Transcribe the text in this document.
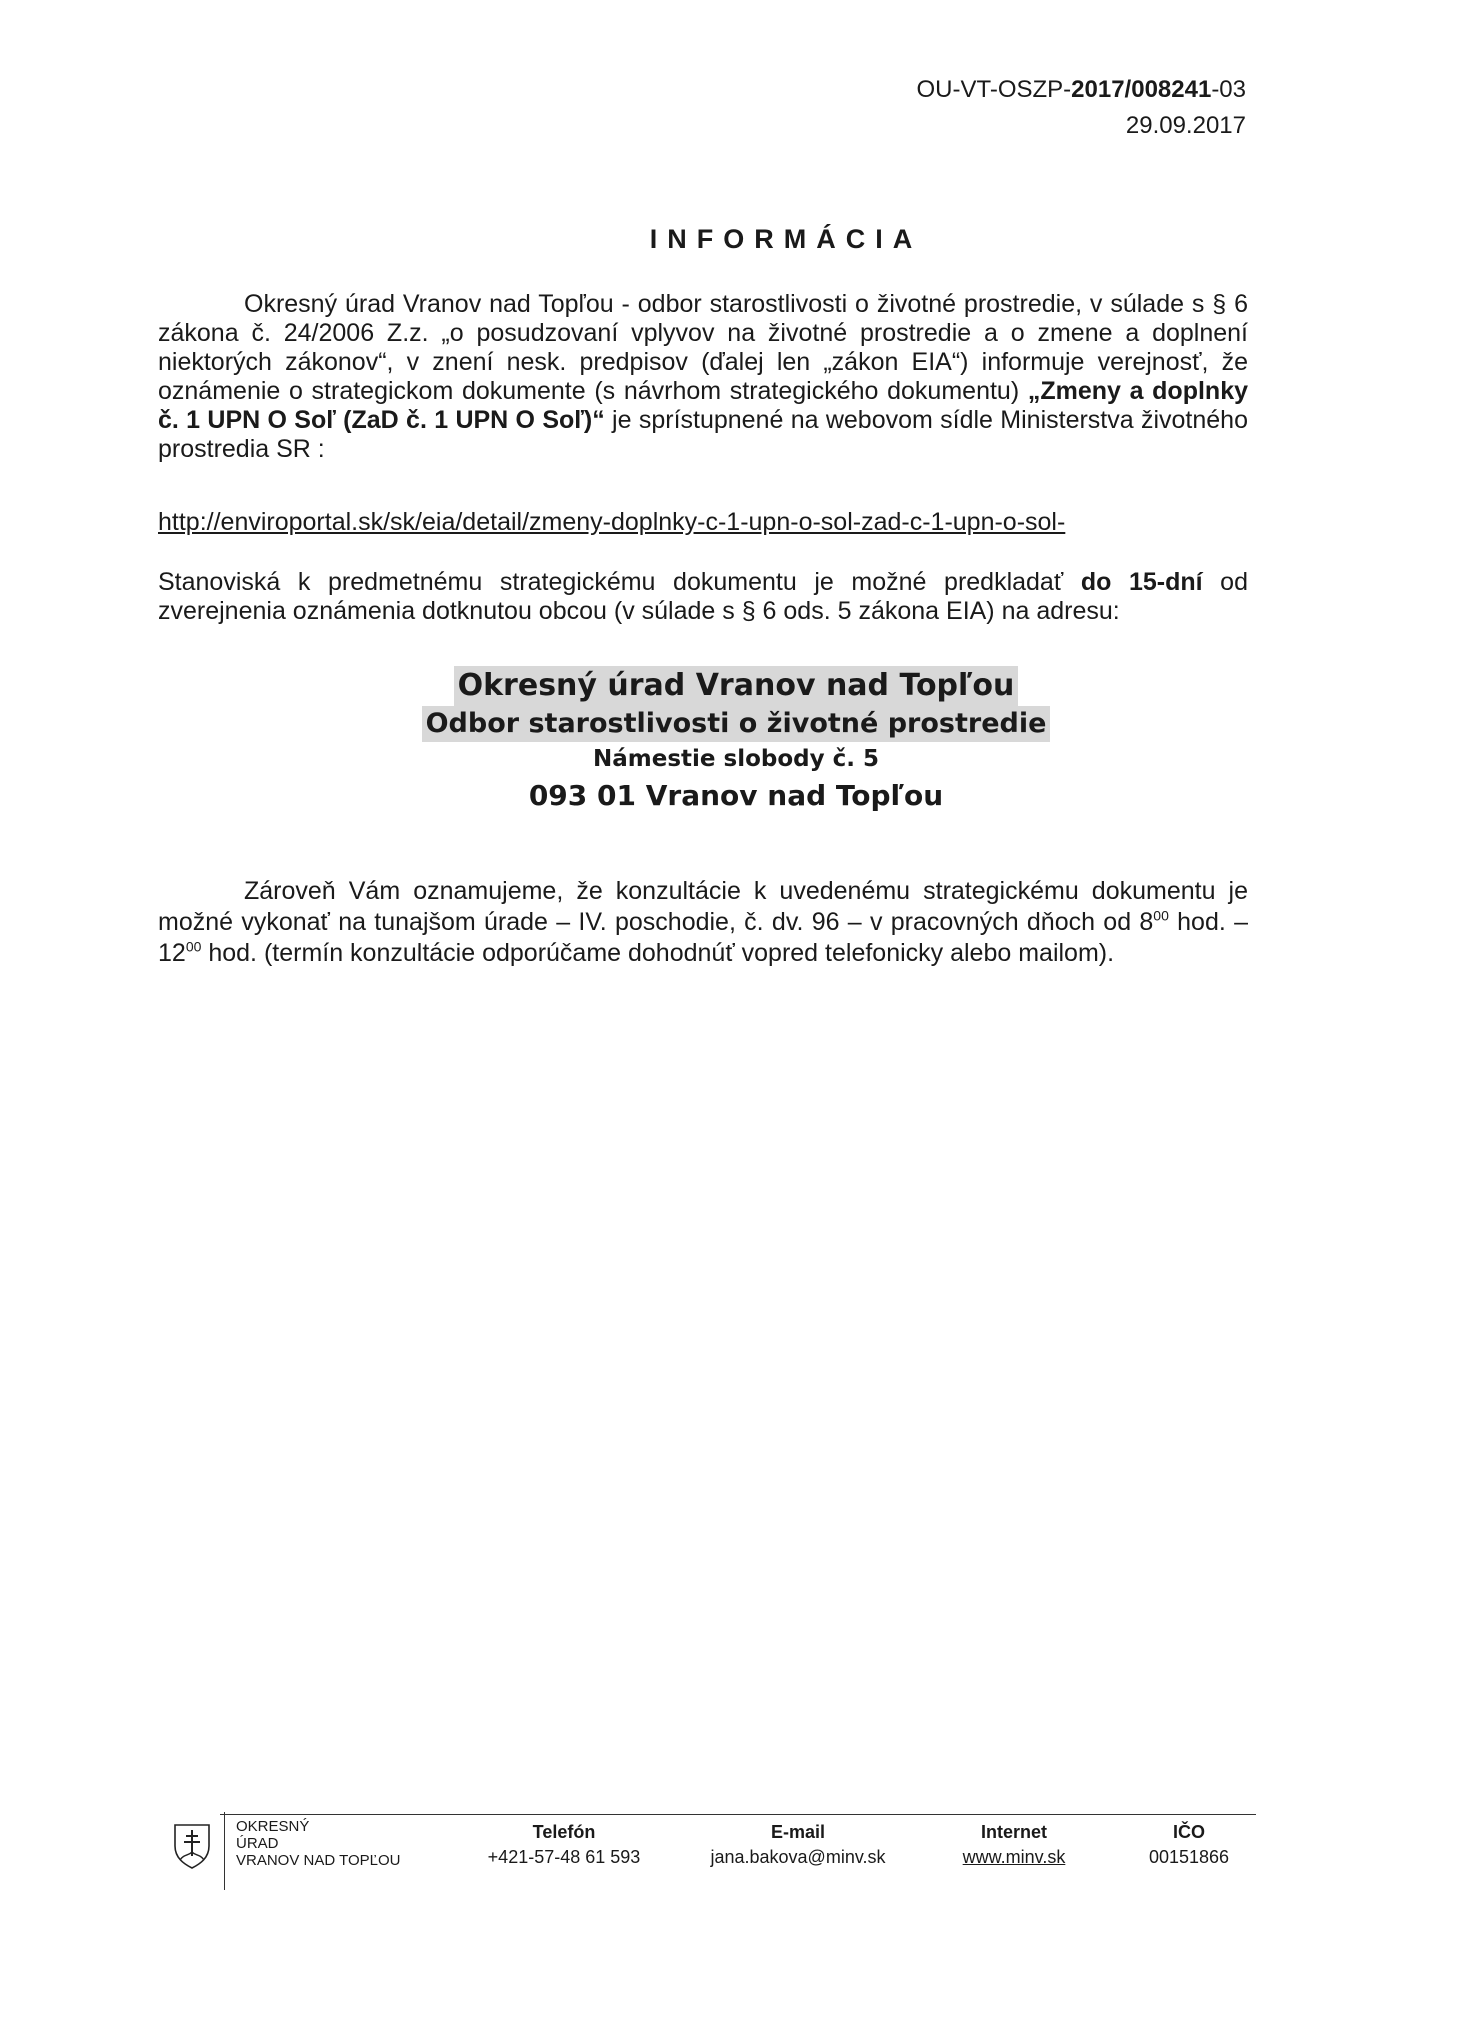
OU-VT-OSZP-2017/008241-03
29.09.2017
INFORMÁCIA
Okresný úrad Vranov nad Topľou - odbor starostlivosti o životné prostredie, v súlade s § 6 zákona č. 24/2006 Z.z. „o posudzovaní vplyvov na životné prostredie a o zmene a doplnení niektorých zákonov“, v znení nesk. predpisov (ďalej len „zákon EIA“) informuje verejnosť, že oznámenie o strategickom dokumente (s návrhom strategického dokumentu) „Zmeny a doplnky č. 1 UPN O Soľ (ZaD č. 1 UPN O Soľ)“ je sprístupnené na webovom sídle Ministerstva životného prostredia SR :
http://enviroportal.sk/sk/eia/detail/zmeny-doplnky-c-1-upn-o-sol-zad-c-1-upn-o-sol-
Stanoviská k predmetnému strategickému dokumentu je možné predkladať do 15-dní od zverejnenia oznámenia dotknutou obcou (v súlade s § 6 ods. 5 zákona EIA) na adresu:
Okresný úrad Vranov nad Topľou
Odbor starostlivosti o životné prostredie
Námestie slobody č. 5
093 01 Vranov nad Topľou
Zároveň Vám oznamujeme, že konzultácie k uvedenému strategickému dokumentu je možné vykonať na tunajšom úrade – IV. poschodie, č. dv. 96 – v pracovných dňoch od $8^{00}$ hod. – $12^{00}$ hod. (termín konzultácie odporúčame dohodnúť vopred telefonicky alebo mailom).
OKRESNÝ
ÚRAD
VRANOV NAD TOPĽOU
Telefón
+421-57-48 61 593
E-mail
jana.bakova@minv.sk
Internet
www.minv.sk
IČO
00151866
